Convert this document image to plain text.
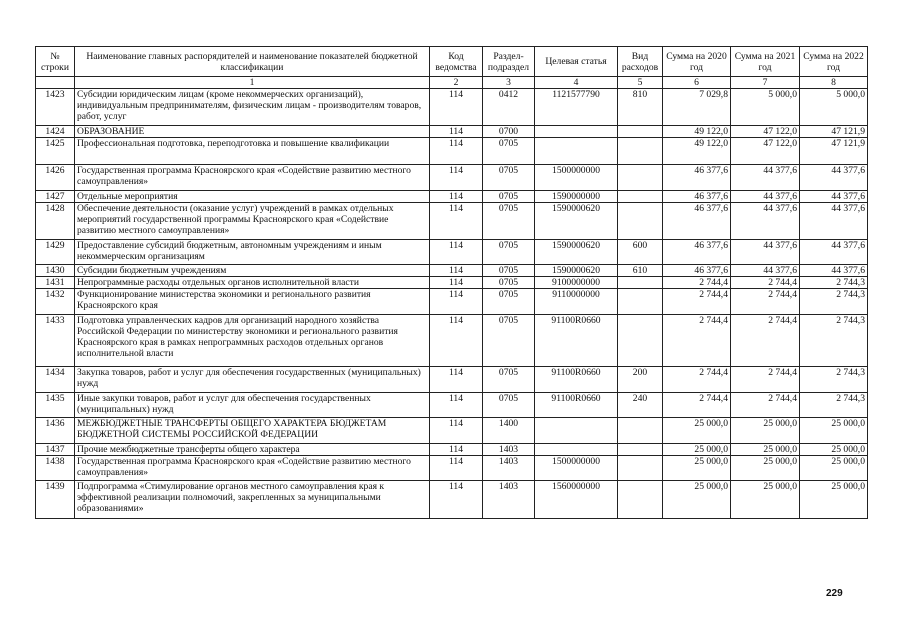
№ строки	Наименование главных распорядителей и наименование показателей бюджетной классификации	Код ведомства	Раздел-подраздел	Целевая статья	Вид расходов	Сумма на 2020 год	Сумма на 2021 год	Сумма на 2022 год
	1	2	3	4	5	6	7	8
1423	Субсидии юридическим лицам (кроме некоммерческих организаций), индивидуальным предпринимателям, физическим лицам - производителям товаров, работ, услуг	114	0412	1121577790	810	7 029,8	5 000,0	5 000,0
1424	ОБРАЗОВАНИЕ	114	0700			49 122,0	47 122,0	47 121,9
1425	Профессиональная подготовка, переподготовка и повышение квалификации	114	0705			49 122,0	47 122,0	47 121,9
1426	Государственная программа Красноярского края «Содействие развитию местного самоуправления»	114	0705	1500000000		46 377,6	44 377,6	44 377,6
1427	Отдельные мероприятия	114	0705	1590000000		46 377,6	44 377,6	44 377,6
1428	Обеспечение деятельности (оказание услуг) учреждений в рамках отдельных мероприятий государственной программы Красноярского края «Содействие развитию местного самоуправления»	114	0705	1590000620		46 377,6	44 377,6	44 377,6
1429	Предоставление субсидий бюджетным, автономным учреждениям и иным некоммерческим организациям	114	0705	1590000620	600	46 377,6	44 377,6	44 377,6
1430	Субсидии бюджетным учреждениям	114	0705	1590000620	610	46 377,6	44 377,6	44 377,6
1431	Непрограммные расходы отдельных органов исполнительной власти	114	0705	9100000000		2 744,4	2 744,4	2 744,3
1432	Функционирование министерства экономики и регионального развития Красноярского края	114	0705	9110000000		2 744,4	2 744,4	2 744,3
1433	Подготовка управленческих кадров для организаций народного хозяйства Российской Федерации по министерству экономики и регионального развития Красноярского края в рамках непрограммных расходов отдельных органов исполнительной власти	114	0705	91100R0660		2 744,4	2 744,4	2 744,3
1434	Закупка товаров, работ и услуг для обеспечения государственных (муниципальных) нужд	114	0705	91100R0660	200	2 744,4	2 744,4	2 744,3
1435	Иные закупки товаров, работ и услуг для обеспечения государственных (муниципальных) нужд	114	0705	91100R0660	240	2 744,4	2 744,4	2 744,3
1436	МЕЖБЮДЖЕТНЫЕ ТРАНСФЕРТЫ ОБЩЕГО ХАРАКТЕРА БЮДЖЕТАМ БЮДЖЕТНОЙ СИСТЕМЫ РОССИЙСКОЙ ФЕДЕРАЦИИ	114	1400			25 000,0	25 000,0	25 000,0
1437	Прочие межбюджетные трансферты общего характера	114	1403			25 000,0	25 000,0	25 000,0
1438	Государственная программа Красноярского края «Содействие развитию местного самоуправления»	114	1403	1500000000		25 000,0	25 000,0	25 000,0
1439	Подпрограмма «Стимулирование органов местного самоуправления края к эффективной реализации полномочий, закрепленных за муниципальными образованиями»	114	1403	1560000000		25 000,0	25 000,0	25 000,0
229
